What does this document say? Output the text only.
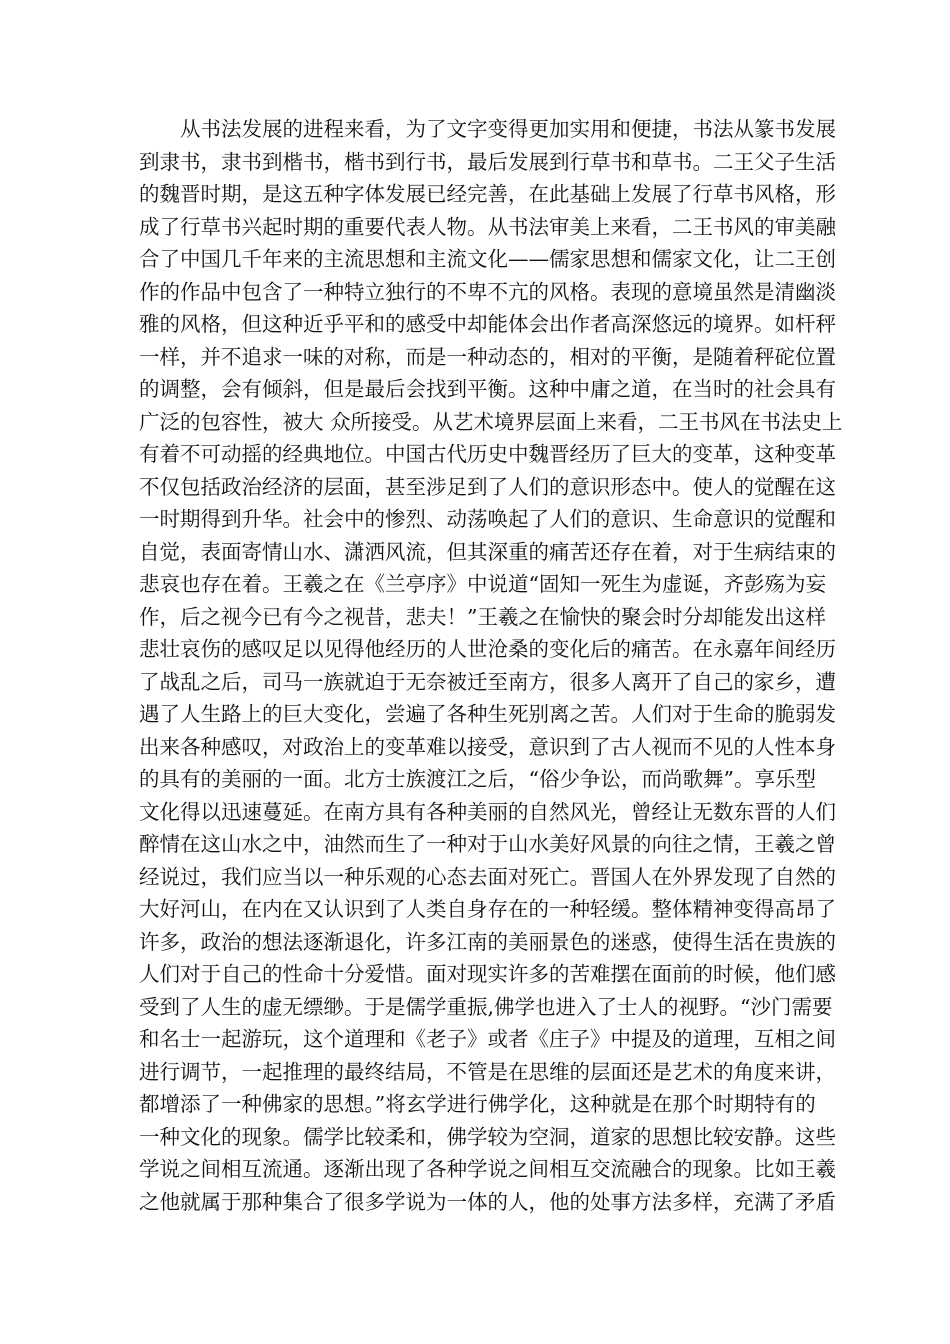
从书法发展的进程来看，为了文字变得更加实用和便捷，书法从篆书发展
到隶书，隶书到楷书，楷书到行书，最后发展到行草书和草书。二王父子生活
的魏晋时期，是这五种字体发展已经完善，在此基础上发展了行草书风格，形
成了行草书兴起时期的重要代表人物。从书法审美上来看，二王书风的审美融
合了中国几千年来的主流思想和主流文化——儒家思想和儒家文化，让二王创
作的作品中包含了一种特立独行的不卑不亢的风格。表现的意境虽然是清幽淡
雅的风格，但这种近乎平和的感受中却能体会出作者高深悠远的境界。如杆秤
一样，并不追求一味的对称，而是一种动态的，相对的平衡，是随着秤砣位置
的调整，会有倾斜，但是最后会找到平衡。这种中庸之道，在当时的社会具有
广泛的包容性，被大 众所接受。从艺术境界层面上来看，二王书风在书法史上
有着不可动摇的经典地位。中国古代历史中魏晋经历了巨大的变革，这种变革
不仅包括政治经济的层面，甚至涉足到了人们的意识形态中。使人的觉醒在这
一时期得到升华。社会中的惨烈、动荡唤起了人们的意识、生命意识的觉醒和
自觉，表面寄情山水、潇洒风流，但其深重的痛苦还存在着，对于生病结束的
悲哀也存在着。王羲之在《兰亭序》中说道“固知一死生为虚诞，齐彭殇为妄
作，后之视今已有今之视昔，悲夫！”王羲之在愉快的聚会时分却能发出这样
悲壮哀伤的感叹足以见得他经历的人世沧桑的变化后的痛苦。在永嘉年间经历
了战乱之后，司马一族就迫于无奈被迁至南方，很多人离开了自己的家乡，遭
遇了人生路上的巨大变化，尝遍了各种生死别离之苦。人们对于生命的脆弱发
出来各种感叹，对政治上的变革难以接受，意识到了古人视而不见的人性本身
的具有的美丽的一面。北方士族渡江之后，“俗少争讼，而尚歌舞”。享乐型
文化得以迅速蔓延。在南方具有各种美丽的自然风光，曾经让无数东晋的人们
醉情在这山水之中，油然而生了一种对于山水美好风景的向往之情，王羲之曾
经说过，我们应当以一种乐观的心态去面对死亡。晋国人在外界发现了自然的
大好河山，在内在又认识到了人类自身存在的一种轻缓。整体精神变得高昂了
许多，政治的想法逐渐退化，许多江南的美丽景色的迷惑，使得生活在贵族的
人们对于自己的性命十分爱惜。面对现实许多的苦难摆在面前的时候，他们感
受到了人生的虚无缥缈。于是儒学重振,佛学也进入了士人的视野。“沙门需要
和名士一起游玩，这个道理和《老子》或者《庄子》中提及的道理，互相之间
进行调节，一起推理的最终结局，不管是在思维的层面还是艺术的角度来讲，
都增添了一种佛家的思想。”将玄学进行佛学化，这种就是在那个时期特有的
一种文化的现象。儒学比较柔和，佛学较为空洞，道家的思想比较安静。这些
学说之间相互流通。逐渐出现了各种学说之间相互交流融合的现象。比如王羲
之他就属于那种集合了很多学说为一体的人，他的处事方法多样，充满了矛盾
